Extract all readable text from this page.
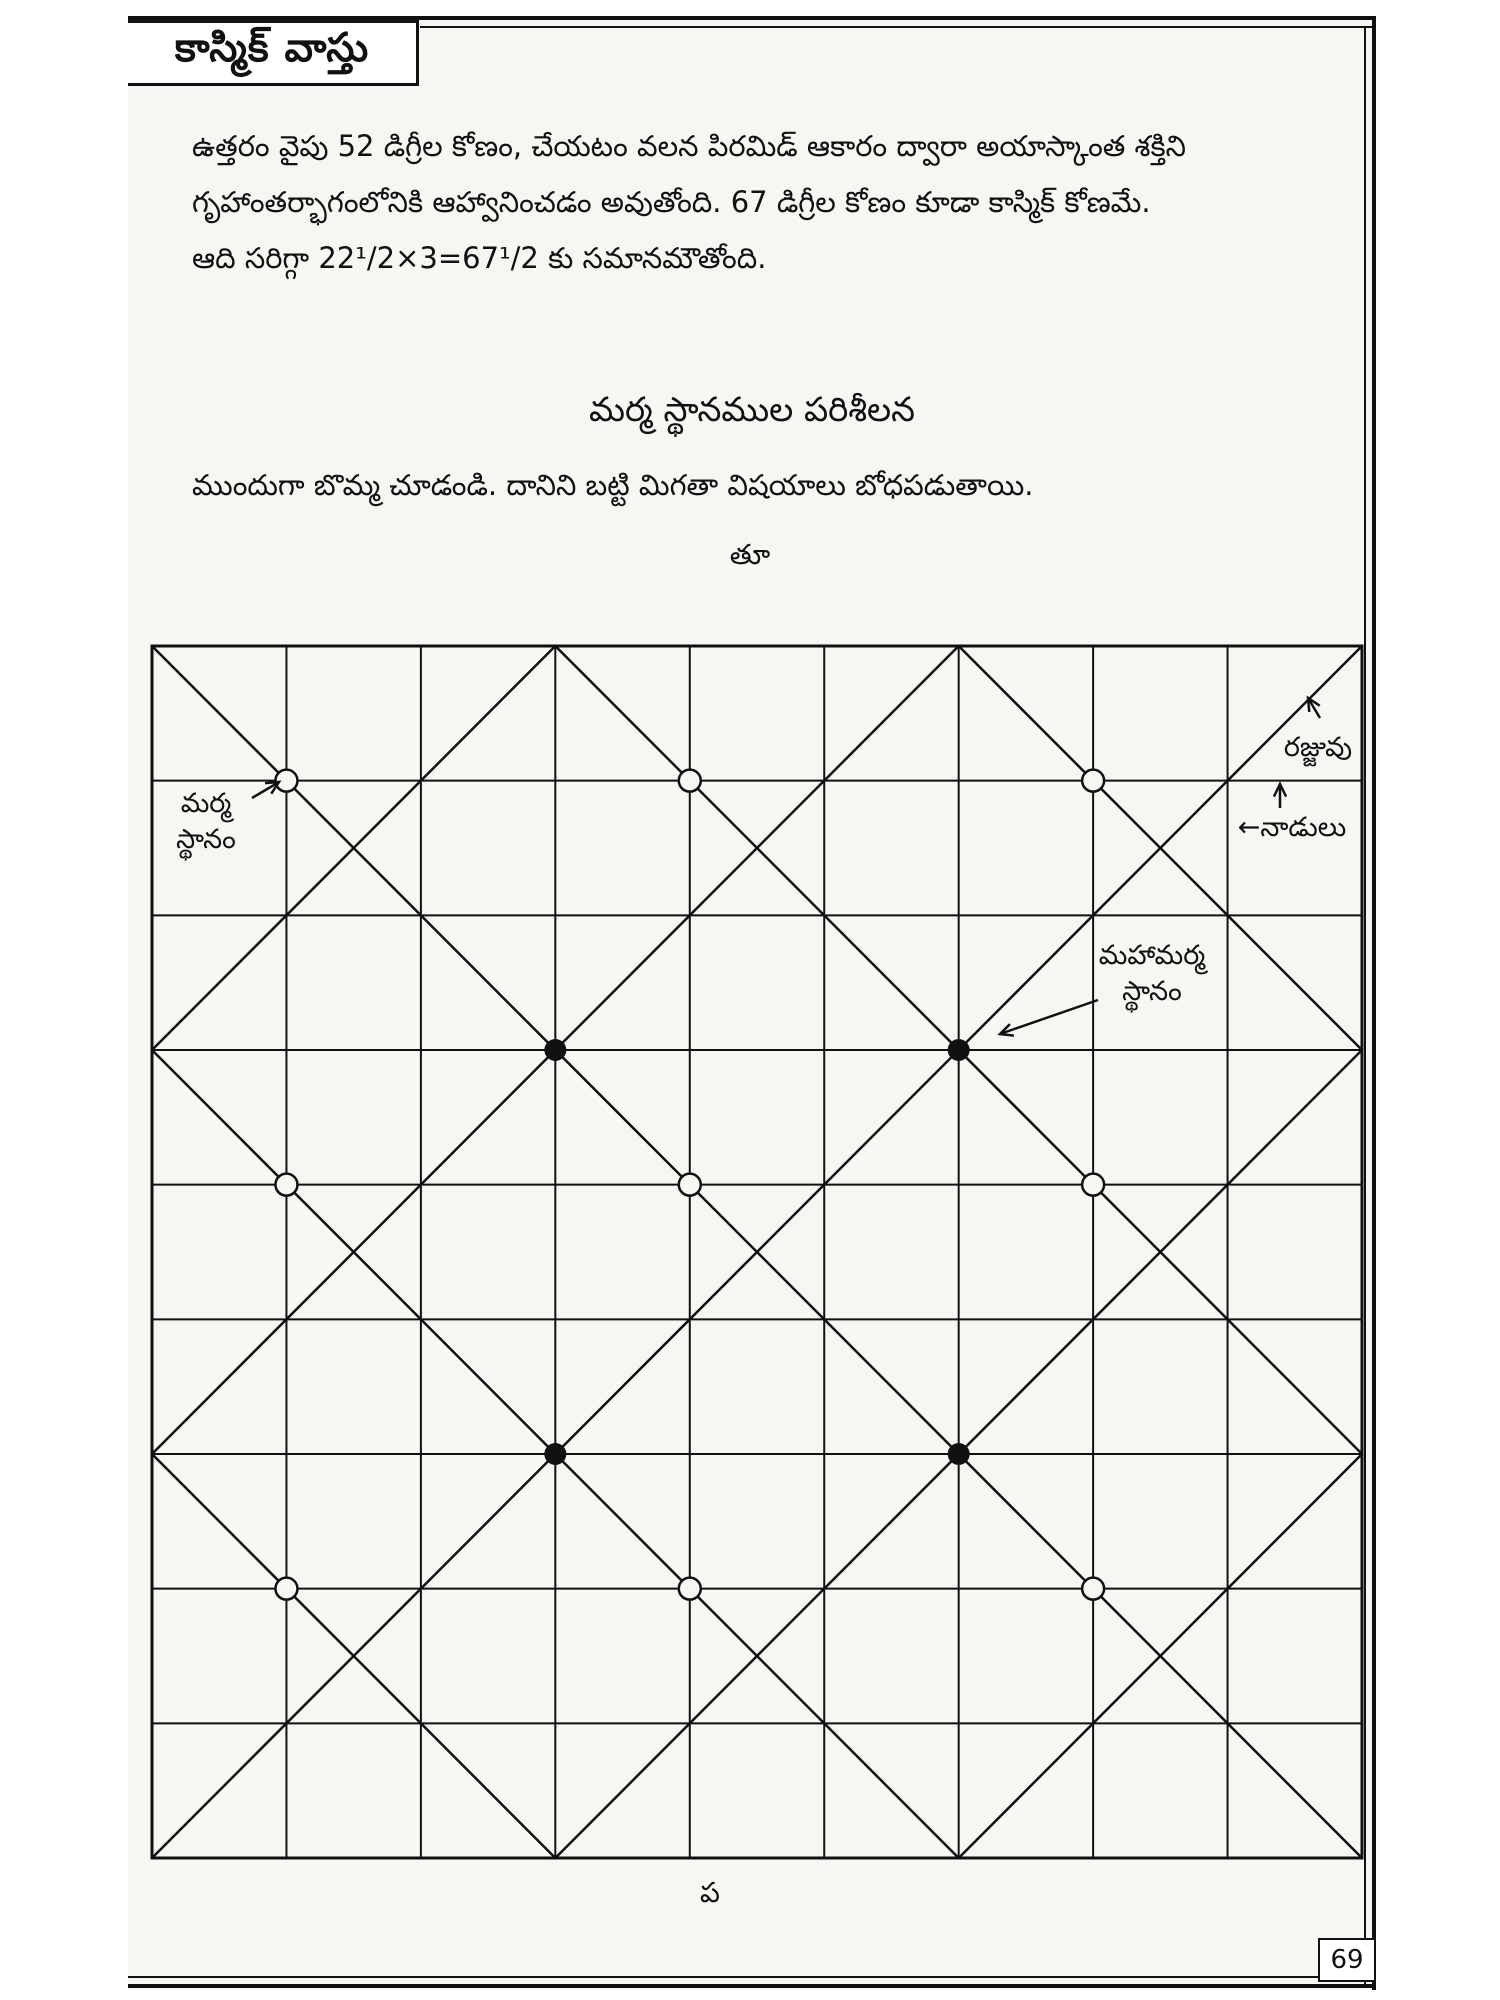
కాస్మిక్ వాస్తు

ఉత్తరం వైపు 52 డిగ్రీల కోణం, చేయటం వలన పిరమిడ్ ఆకారం ద్వారా అయాస్కాంత శక్తిని

గృహాంతర్భాగంలోనికి ఆహ్వానించడం అవుతోంది. 67 డిగ్రీల కోణం కూడా కాస్మిక్ కోణమే.

ఆది సరిగ్గా 22¹/2×3=67¹/2 కు సమానమౌతోంది.

మర్మ స్థానముల పరిశీలన
ముందుగా బొమ్మ చూడండి. దానిని బట్టి మిగతా విషయాలు బోధపడుతాయి.
తూ
మర్మ
స్థానం
రజ్జువు
←నాడులు
మహామర్మ
స్థానం
ప
69
